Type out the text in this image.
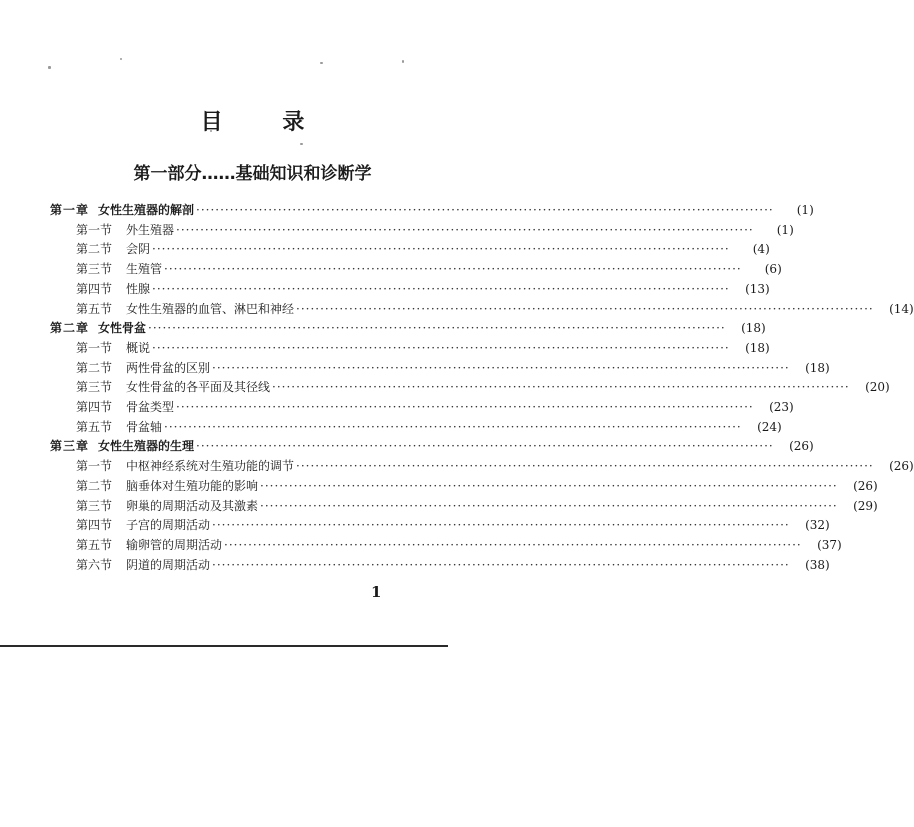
目 录
第一部分……基础知识和诊断学
第一章 女性生殖器的解剖 ························································································································	(1)
第一节	外生殖器 ························································································································	(1)
第二节	会阴 ························································································································	(4)
第三节	生殖管 ························································································································	(6)
第四节	性腺 ························································································································	(13)
第五节	女性生殖器的血管、淋巴和神经 ························································································································	(14)
第二章 女性骨盆 ························································································································	(18)
第一节	概说 ························································································································	(18)
第二节	两性骨盆的区别 ························································································································	(18)
第三节	女性骨盆的各平面及其径线 ························································································································	(20)
第四节	骨盆类型 ························································································································	(23)
第五节	骨盆轴 ························································································································	(24)
第三章 女性生殖器的生理 ························································································································	(26)
第一节	中枢神经系统对生殖功能的调节 ························································································································	(26)
第二节	脑垂体对生殖功能的影响 ························································································································	(26)
第三节	卵巢的周期活动及其激素 ························································································································	(29)
第四节	子宫的周期活动 ························································································································	(32)
第五节	输卵管的周期活动 ························································································································	(37)
第六节	阴道的周期活动 ························································································································	(38)
1
